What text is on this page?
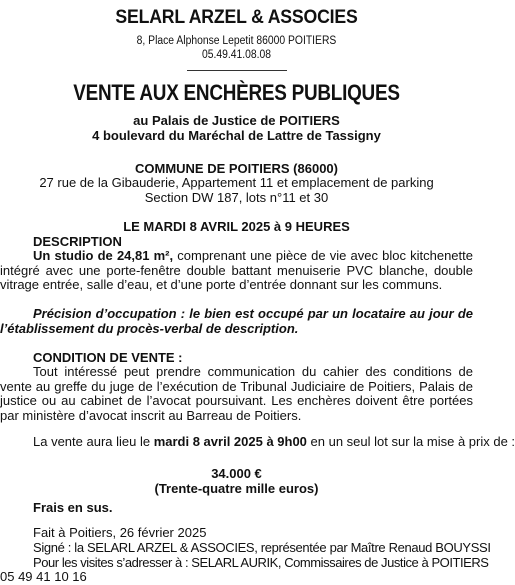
SELARL ARZEL & ASSOCIES
8, Place Alphonse Lepetit 86000 POITIERS
05.49.41.08.08
VENTE AUX ENCHÈRES PUBLIQUES
au Palais de Justice de POITIERS
4 boulevard du Maréchal de Lattre de Tassigny
COMMUNE DE POITIERS (86000)
27 rue de la Gibauderie, Appartement 11 et emplacement de parking
Section DW 187, lots n°11 et 30
LE MARDI 8 AVRIL 2025 à 9 HEURES
DESCRIPTION
Un studio de 24,81 m², comprenant une pièce de vie avec bloc kitchenette intégré avec une porte-fenêtre double battant menuiserie PVC blanche, double vitrage entrée, salle d’eau, et d’une porte d’entrée donnant sur les communs.
Précision d’occupation : le bien est occupé par un locataire au jour de l’établissement du procès-verbal de description.
CONDITION DE VENTE :
Tout intéressé peut prendre communication du cahier des conditions de vente au greffe du juge de l’exécution de Tribunal Judiciaire de Poitiers, Palais de justice ou au cabinet de l’avocat poursuivant. Les enchères doivent être portées par ministère d’avocat inscrit au Barreau de Poitiers.
La vente aura lieu le mardi 8 avril 2025 à 9h00 en un seul lot sur la mise à prix de :
34.000 €
(Trente-quatre mille euros)
Frais en sus.
Fait à Poitiers, 26 février 2025
Signé : la SELARL ARZEL & ASSOCIES, représentée par Maître Renaud BOUYSSI
Pour les visites s’adresser à : SELARL AURIK, Commissaires de Justice à POITIERS
05 49 41 10 16
